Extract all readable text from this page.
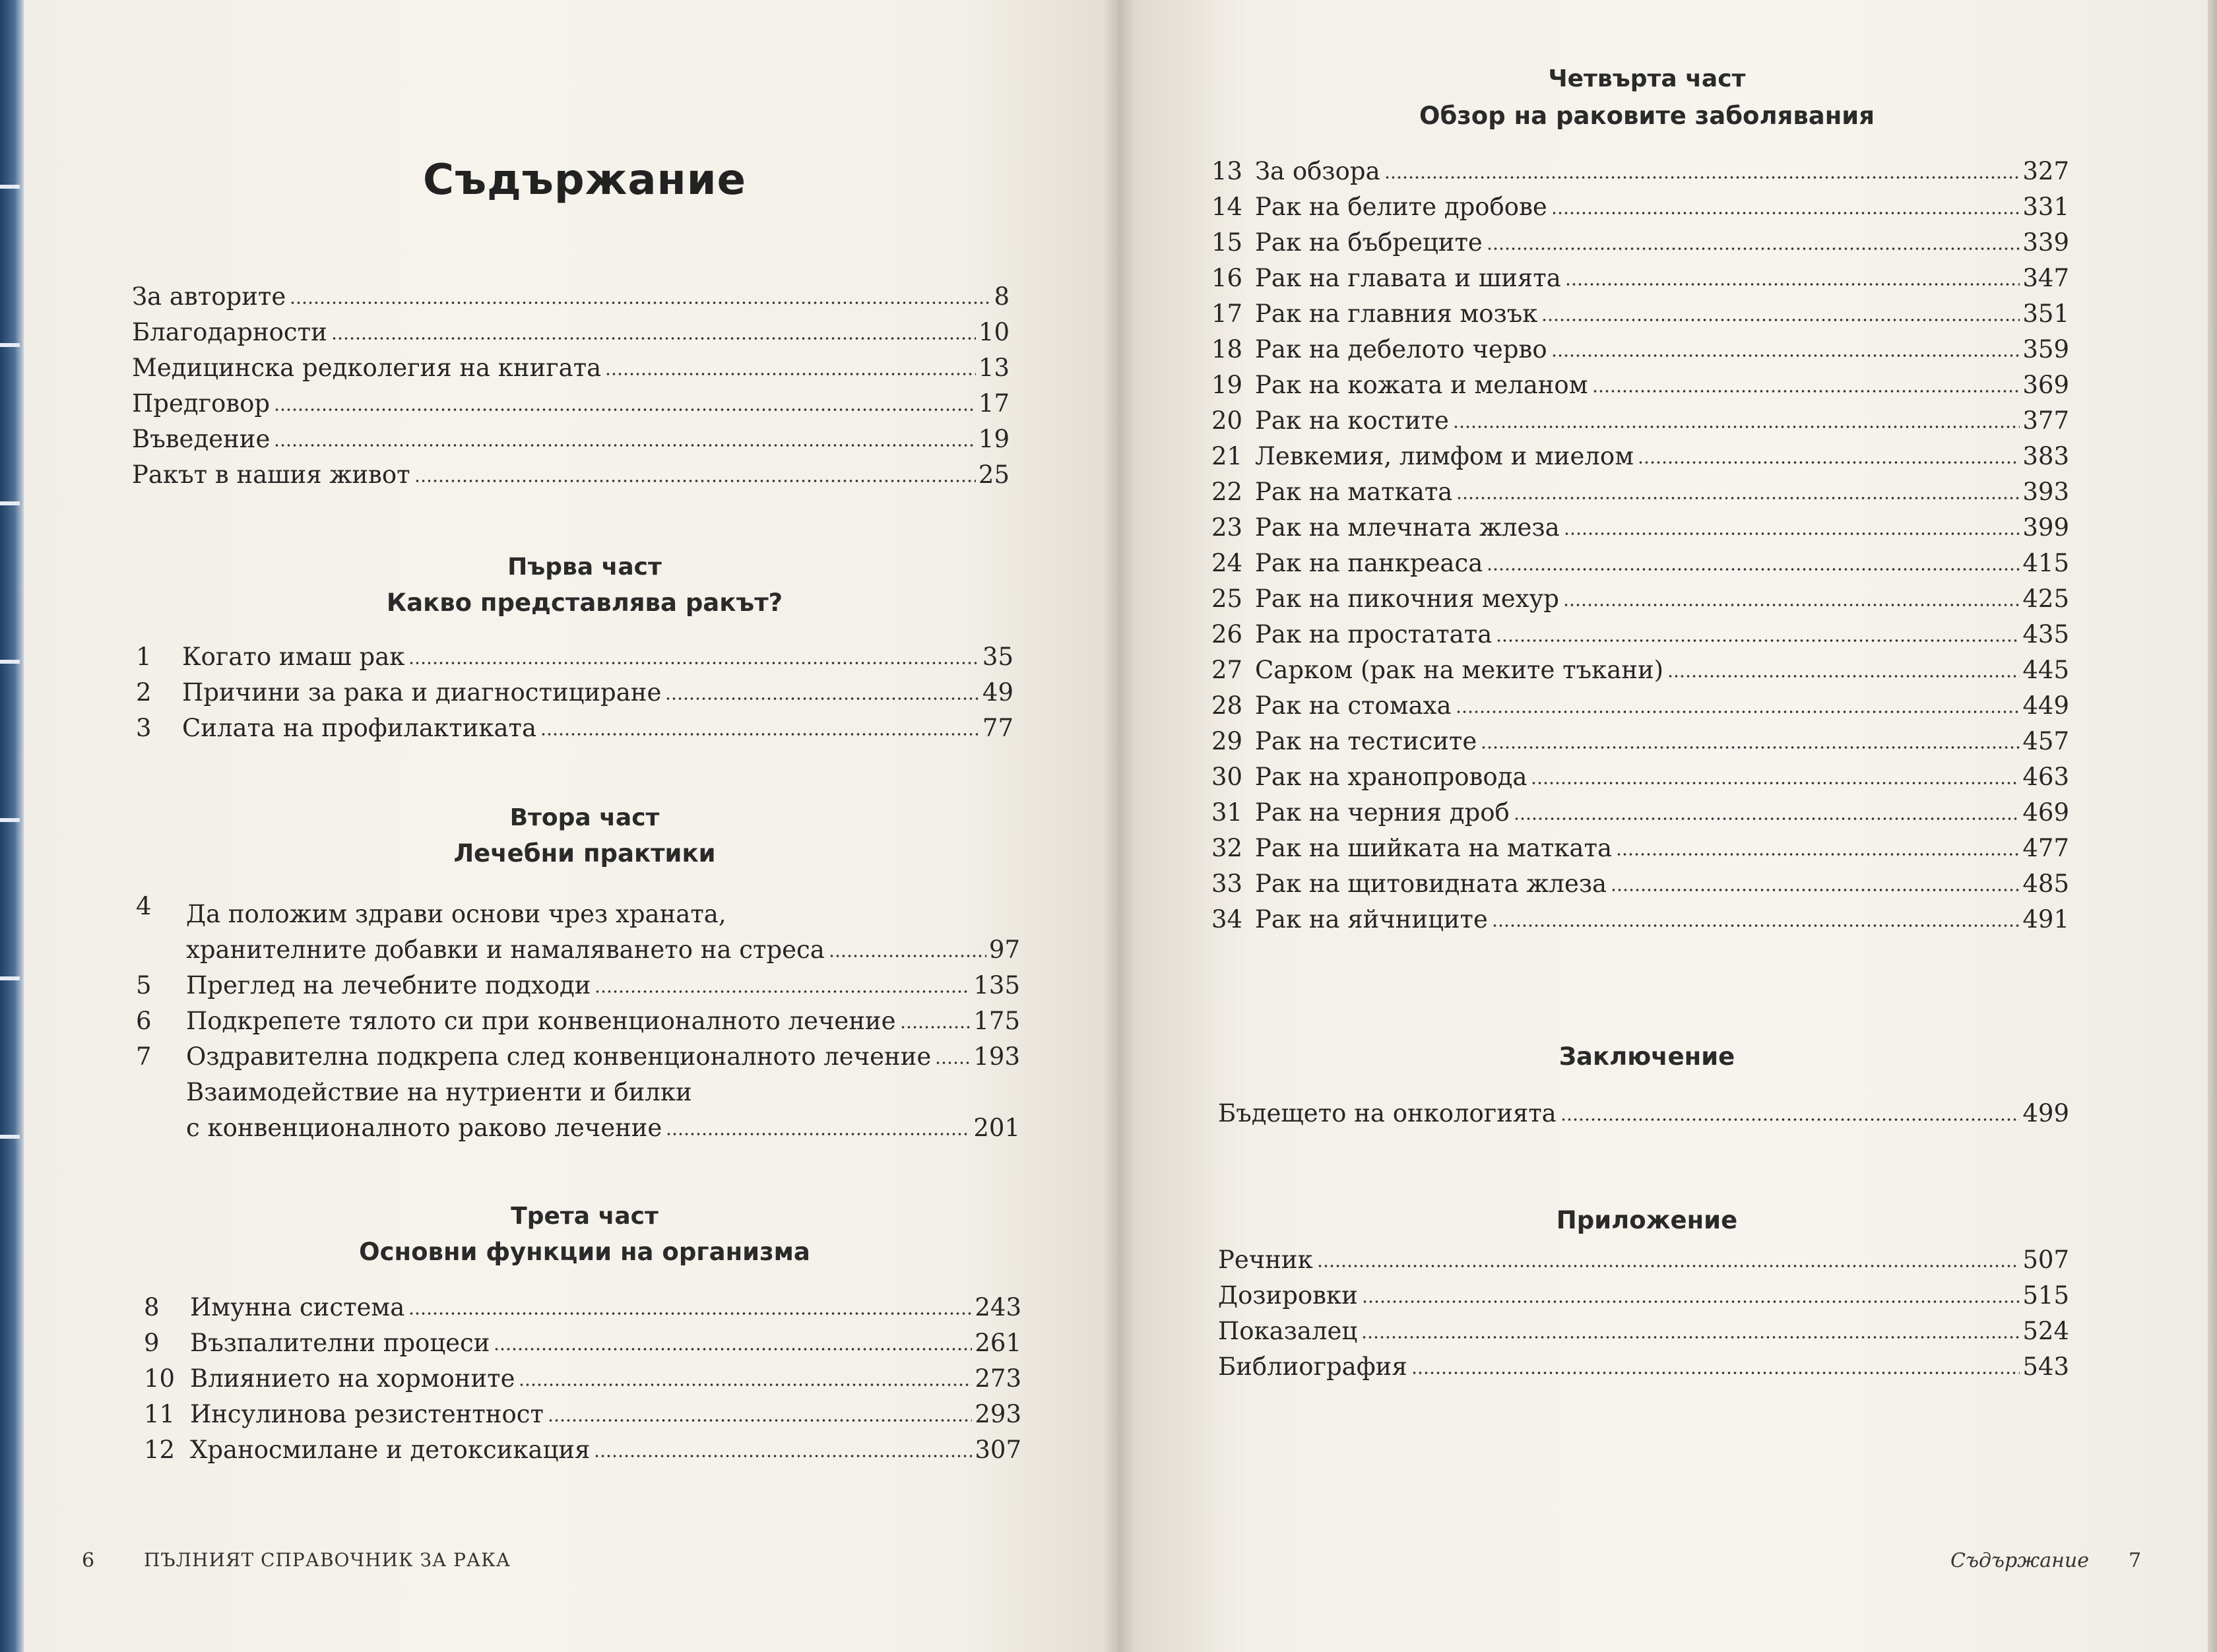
Съдържание
За авторите	8
Благодарности	10
Медицинска редколегия на книгата	13
Предговор	17
Въведение	19
Ракът в нашия живот	25

Първа част

Какво представлява ракът?

1	Когато имаш рак	35
2	Причини за рака и диагностициране	49
3	Силата на профилактиката	77

Втора част

Лечебни практики

4	Да положим здрави основи чрез храната,
хранителните добавки и намаляването на стреса	97
5	Преглед на лечебните подходи	135
6	Подкрепете тялото си при конвенционалното лечение	175
7	Оздравителна подкрепа след конвенционалното лечение 193
Взаимодействие на нутриенти и билки
с конвенционалното раково лечение	201

Трета част

Основни функции на организма

8	Имунна система	243
9	Възпалителни процеси	261
10 Влиянието на хормоните	273
11 Инсулинова резистентност	293
12 Храносмилане и детоксикация	307
6	ПЪЛНИЯТ СПРАВОЧНИК ЗА РАКА

Четвърта част

Обзор на раковите заболявания

13 За обзора	327
14 Рак на белите дробове	331
15 Рак на бъбреците	339
16 Рак на главата и шията	347
17 Рак на главния мозък	351
18 Рак на дебелото черво	359
19 Рак на кожата и меланом	369
20 Рак на костите	377
21 Левкемия, лимфом и миелом	383
22 Рак на матката	393
23 Рак на млечната жлеза	399
24 Рак на панкреаса	415
25 Рак на пикочния мехур	425
26 Рак на простатата	435
27 Сарком (рак на меките тъкани)	445
28 Рак на стомаха	449
29 Рак на тестисите	457
30 Рак на хранопровода	463
31 Рак на черния дроб	469
32 Рак на шийката на матката	477
33 Рак на щитовидната жлеза	485
34 Рак на яйчниците	491

Заключение

Бъдещето на онкологията	499

Приложение

Речник	507
Дозировки	515
Показалец	524
Библиография	543
Съдържание 7
